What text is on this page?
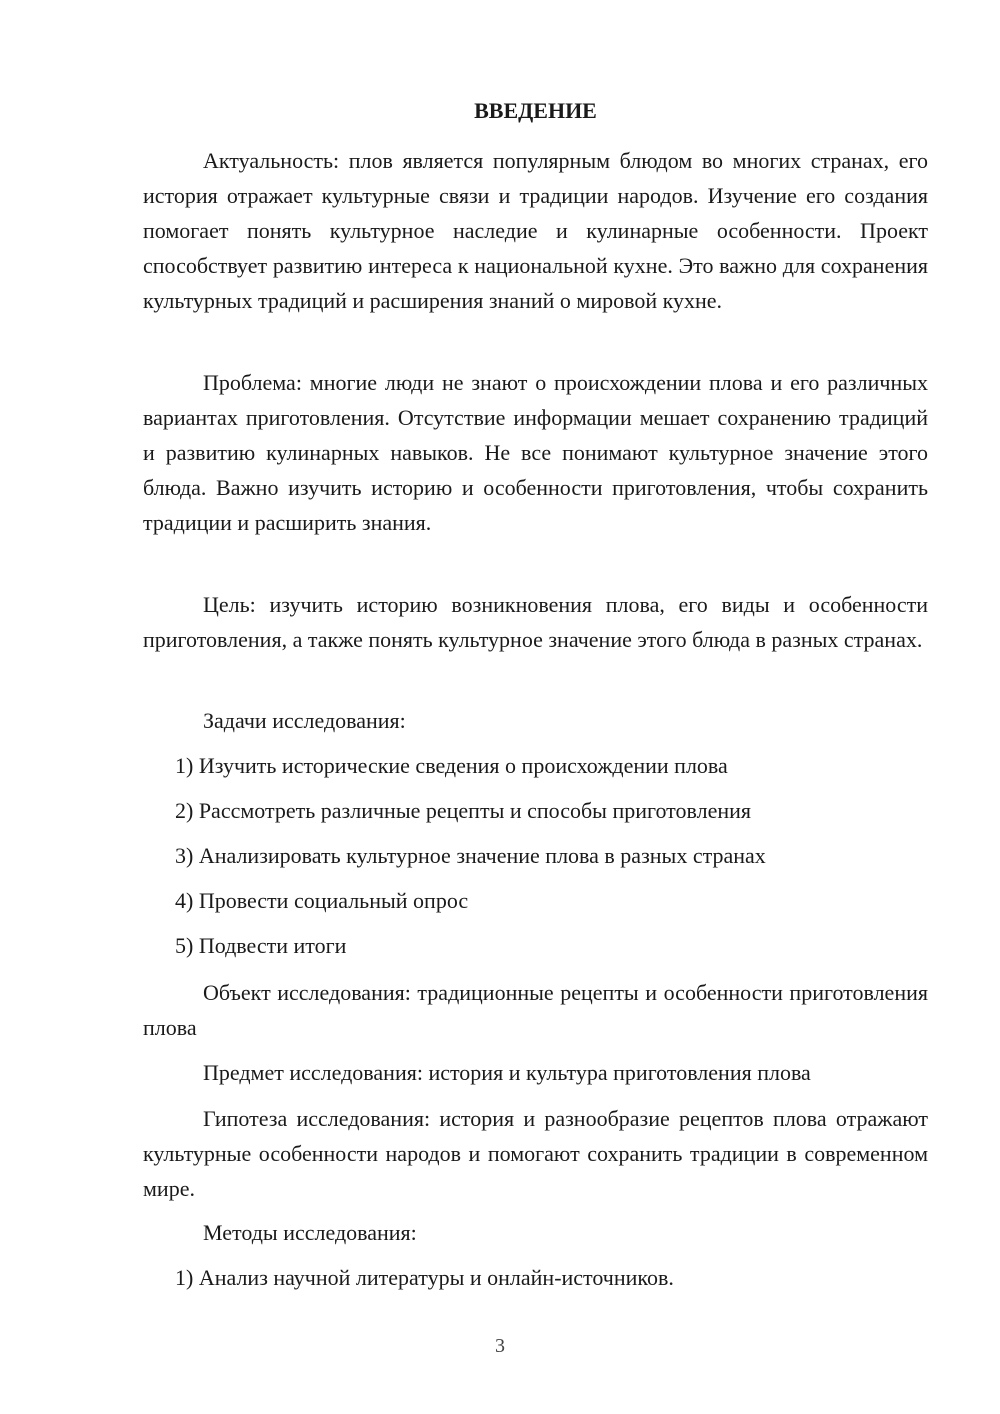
ВВЕДЕНИЕ

Актуальность: плов является популярным блюдом во многих странах, его история отражает культурные связи и традиции народов. Изучение его создания помогает понять культурное наследие и кулинарные особенности. Проект способствует развитию интереса к национальной кухне. Это важно для сохранения культурных традиций и расширения знаний о мировой кухне.

Проблема: многие люди не знают о происхождении плова и его различных вариантах приготовления. Отсутствие информации мешает сохранению традиций и развитию кулинарных навыков. Не все понимают культурное значение этого блюда. Важно изучить историю и особенности приготовления, чтобы сохранить традиции и расширить знания.

Цель: изучить историю возникновения плова, его виды и особенности приготовления, а также понять культурное значение этого блюда в разных странах.

Задачи исследования:

1) Изучить исторические сведения о происхождении плова

2) Рассмотреть различные рецепты и способы приготовления

3) Анализировать культурное значение плова в разных странах

4) Провести социальный опрос

5) Подвести итоги

Объект исследования: традиционные рецепты и особенности приготовления плова

Предмет исследования: история и культура приготовления плова

Гипотеза исследования: история и разнообразие рецептов плова отражают культурные особенности народов и помогают сохранить традиции в современном мире.

Методы исследования:

1) Анализ научной литературы и онлайн-источников.

3
